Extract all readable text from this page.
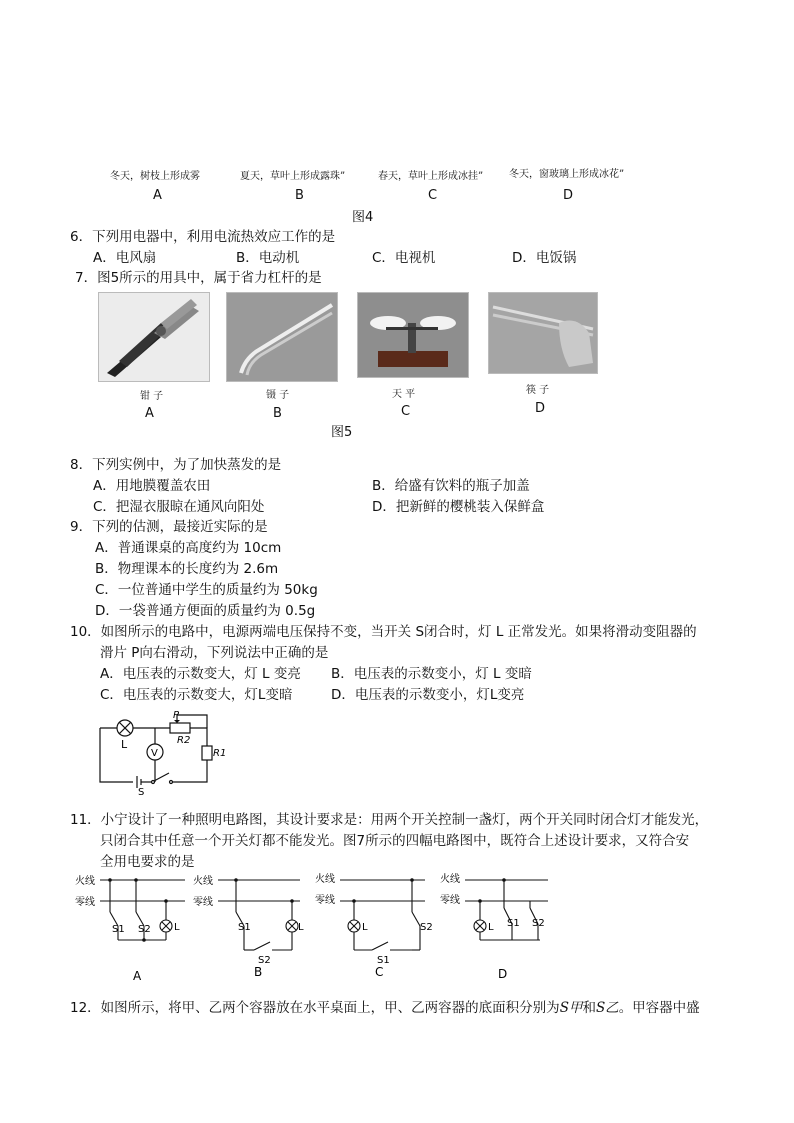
冬天，树枝上形成雾	夏天，草叶上形成露珠”	春天，草叶上形成冰挂”	冬天，窗玻璃上形成冰花”
A	B	C	D
图4
6．下列用电器中，利用电流热效应工作的是
A．电风扇	B．电动机	C．电视机	D．电饭锅
7．图5所示的用具中，属于省力杠杆的是
钳 子	镊 子	天 平	筷 子
A	B	C	D
图5
8．下列实例中，为了加快蒸发的是
A．用地膜覆盖农田	B．给盛有饮料的瓶子加盖
C．把湿衣服晾在通风向阳处	D．把新鲜的樱桃装入保鲜盒
9．下列的估测，最接近实际的是
A．普通课桌的高度约为 10cm
B．物理课本的长度约为 2.6m
C．一位普通中学生的质量约为 50kg
D．一袋普通方便面的质量约为 0.5g
10．如图所示的电路中，电源两端电压保持不变，当开关 S闭合时，灯 L 正常发光。如果将滑动变阻器的
滑片 P向右滑动，下列说法中正确的是
A．电压表的示数变大，灯 L 变亮 B．电压表的示数变小，灯 L 变暗
C．电压表的示数变大，灯L变暗	D．电压表的示数变小，灯L变亮
L
P
R2
R1
V
S
11．小宁设计了一种照明电路图，其设计要求是：用两个开关控制一盏灯，两个开关同时闭合灯才能发光，
只闭合其中任意一个开关灯都不能发光。图7所示的四幅电路图中，既符合上述设计要求，又符合安
全用电要求的是
火线
零线
S1 S2 L
A
火线
零线
S1	L
S2
B
火线
零线
L	S2
S1
C
火线
零线
L S1 S2
D
12．如图所示，将甲、乙两个容器放在水平桌面上，甲、乙两容器的底面积分别为S甲和S乙。甲容器中盛
